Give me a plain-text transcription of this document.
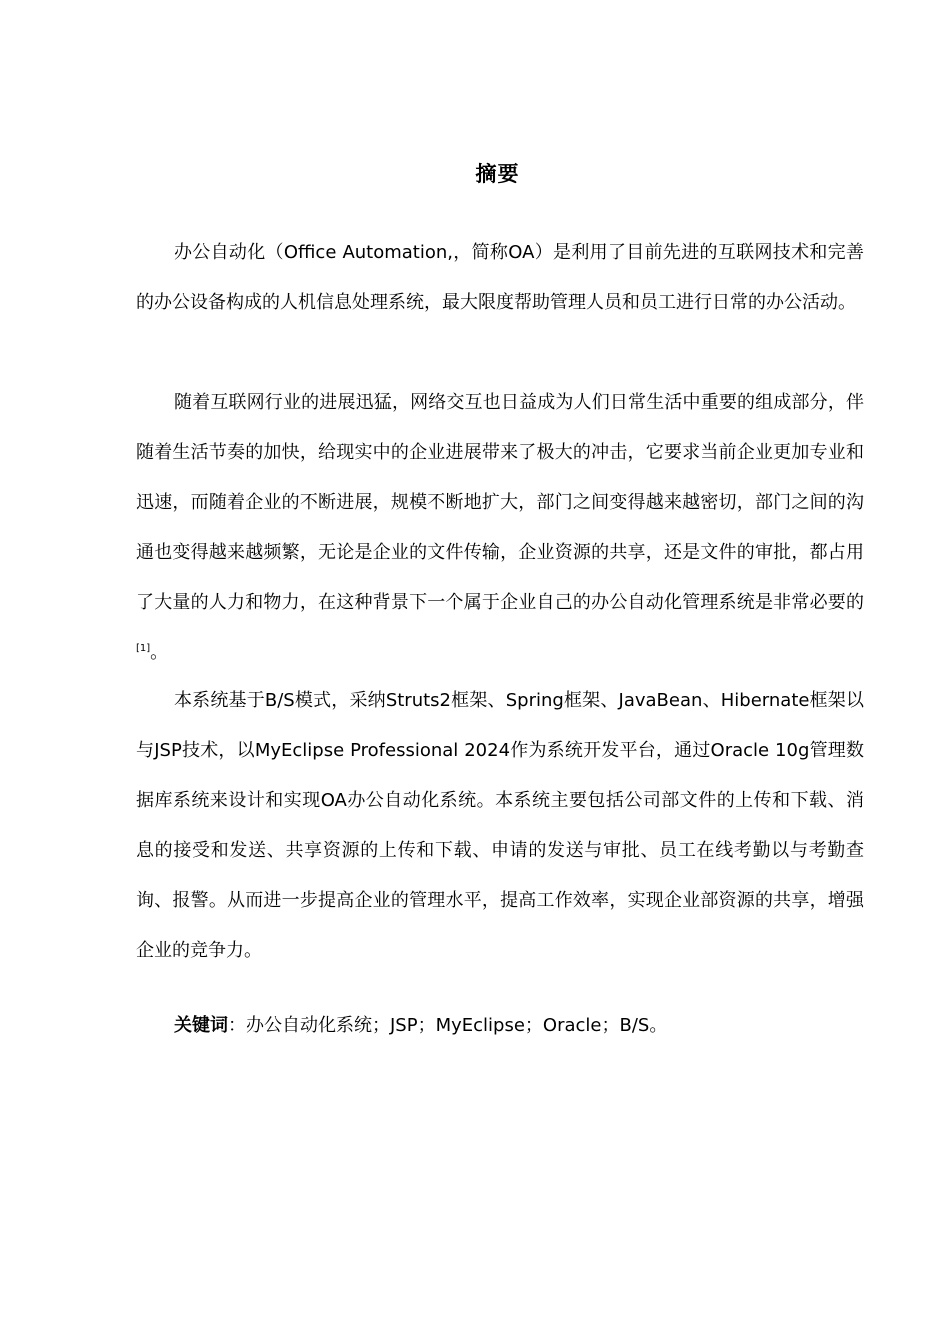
摘要

办公自动化（Office Automation,，简称OA）是利用了目前先进的互联网技术和完善的办公设备构成的人机信息处理系统，最大限度帮助管理人员和员工进行日常的办公活动。

随着互联网行业的进展迅猛，网络交互也日益成为人们日常生活中重要的组成部分，伴随着生活节奏的加快，给现实中的企业进展带来了极大的冲击，它要求当前企业更加专业和迅速，而随着企业的不断进展，规模不断地扩大，部门之间变得越来越密切，部门之间的沟通也变得越来越频繁，无论是企业的文件传输，企业资源的共享，还是文件的审批，都占用了大量的人力和物力，在这种背景下一个属于企业自己的办公自动化管理系统是非常必要的[1]。

本系统基于B/S模式，采纳Struts2框架、Spring框架、JavaBean、Hibernate框架以与JSP技术，以MyEclipse Professional 2024作为系统开发平台，通过Oracle 10g管理数据库系统来设计和实现OA办公自动化系统。本系统主要包括公司部文件的上传和下载、消息的接受和发送、共享资源的上传和下载、申请的发送与审批、员工在线考勤以与考勤查询、报警。从而进一步提高企业的管理水平，提高工作效率，实现企业部资源的共享，增强企业的竞争力。

关键词：办公自动化系统；JSP；MyEclipse；Oracle；B/S。
